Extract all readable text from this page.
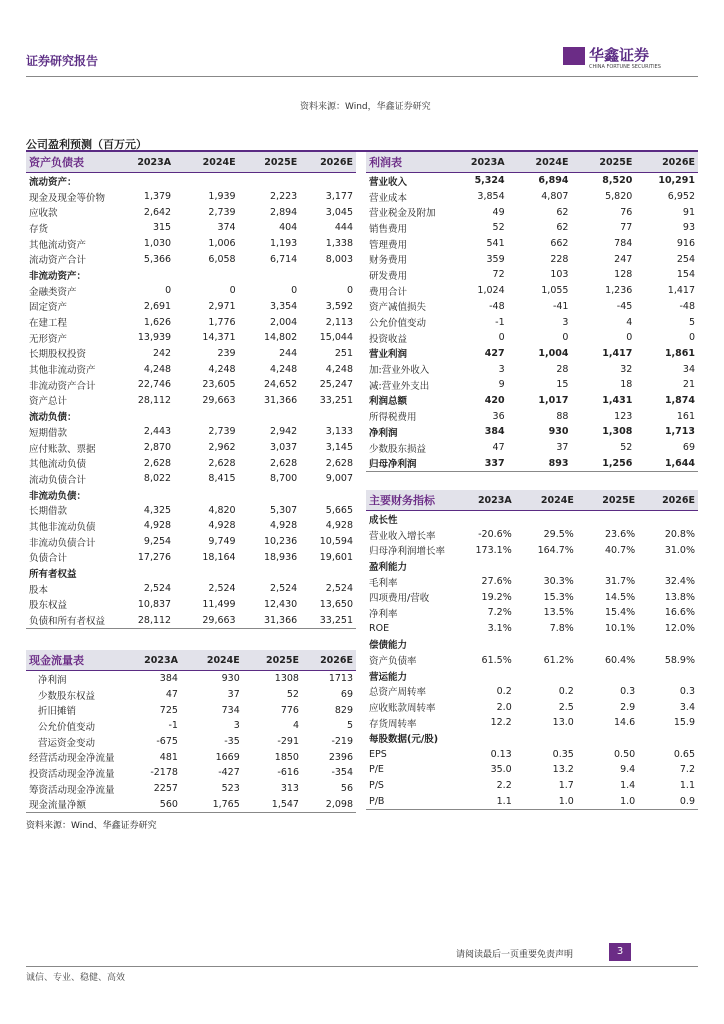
证券研究报告	华鑫证券
CHINA FORTUNE SECURITIES
资料来源：Wind，华鑫证券研究
公司盈利预测（百万元）
资产负债表	2023A	2024E	2025E	2026E
流动资产：				
现金及现金等价物	1,379	1,939	2,223	3,177
应收款	2,642	2,739	2,894	3,045
存货	315	374	404	444
其他流动资产	1,030	1,006	1,193	1,338
流动资产合计	5,366	6,058	6,714	8,003
非流动资产：				
金融类资产	0	0	0	0
固定资产	2,691	2,971	3,354	3,592
在建工程	1,626	1,776	2,004	2,113
无形资产	13,939	14,371	14,802	15,044
长期股权投资	242	239	244	251
其他非流动资产	4,248	4,248	4,248	4,248
非流动资产合计	22,746	23,605	24,652	25,247
资产总计	28,112	29,663	31,366	33,251
流动负债：				
短期借款	2,443	2,739	2,942	3,133
应付账款、票据	2,870	2,962	3,037	3,145
其他流动负债	2,628	2,628	2,628	2,628
流动负债合计	8,022	8,415	8,700	9,007
非流动负债：				
长期借款	4,325	4,820	5,307	5,665
其他非流动负债	4,928	4,928	4,928	4,928
非流动负债合计	9,254	9,749	10,236	10,594
负债合计	17,276	18,164	18,936	19,601
所有者权益				
股本	2,524	2,524	2,524	2,524
股东权益	10,837	11,499	12,430	13,650
负债和所有者权益	28,112	29,663	31,366	33,251
利润表	2023A	2024E	2025E	2026E
营业收入	5,324	6,894	8,520	10,291
营业成本	3,854	4,807	5,820	6,952
营业税金及附加	49	62	76	91
销售费用	52	62	77	93
管理费用	541	662	784	916
财务费用	359	228	247	254
研发费用	72	103	128	154
费用合计	1,024	1,055	1,236	1,417
资产减值损失	-48	-41	-45	-48
公允价值变动	-1	3	4	5
投资收益	0	0	0	0
营业利润	427	1,004	1,417	1,861
加:营业外收入	3	28	32	34
减:营业外支出	9	15	18	21
利润总额	420	1,017	1,431	1,874
所得税费用	36	88	123	161
净利润	384	930	1,308	1,713
少数股东损益	47	37	52	69
归母净利润	337	893	1,256	1,644
主要财务指标	2023A	2024E	2025E	2026E
成长性				
营业收入增长率	-20.6%	29.5%	23.6%	20.8%
归母净利润增长率	173.1%	164.7%	40.7%	31.0%
盈利能力				
毛利率	27.6%	30.3%	31.7%	32.4%
四项费用/营收	19.2%	15.3%	14.5%	13.8%
净利率	7.2%	13.5%	15.4%	16.6%
ROE	3.1%	7.8%	10.1%	12.0%
偿债能力				
资产负债率	61.5%	61.2%	60.4%	58.9%
营运能力				
总资产周转率	0.2	0.2	0.3	0.3
应收账款周转率	2.0	2.5	2.9	3.4
存货周转率	12.2	13.0	14.6	15.9
每股数据(元/股)				
EPS	0.13	0.35	0.50	0.65
P/E	35.0	13.2	9.4	7.2
P/S	2.2	1.7	1.4	1.1
P/B	1.1	1.0	1.0	0.9
现金流量表	2023A	2024E	2025E	2026E
净利润	384	930	1308	1713
少数股东权益	47	37	52	69
折旧摊销	725	734	776	829
公允价值变动	-1	3	4	5
营运资金变动	-675	-35	-291	-219
经营活动现金净流量	481	1669	1850	2396
投资活动现金净流量	-2178	-427	-616	-354
筹资活动现金净流量	2257	523	313	56
现金流量净额	560	1,765	1,547	2,098
资料来源：Wind、华鑫证券研究
请阅读最后一页重要免责声明	3
诚信、专业、稳健、高效
